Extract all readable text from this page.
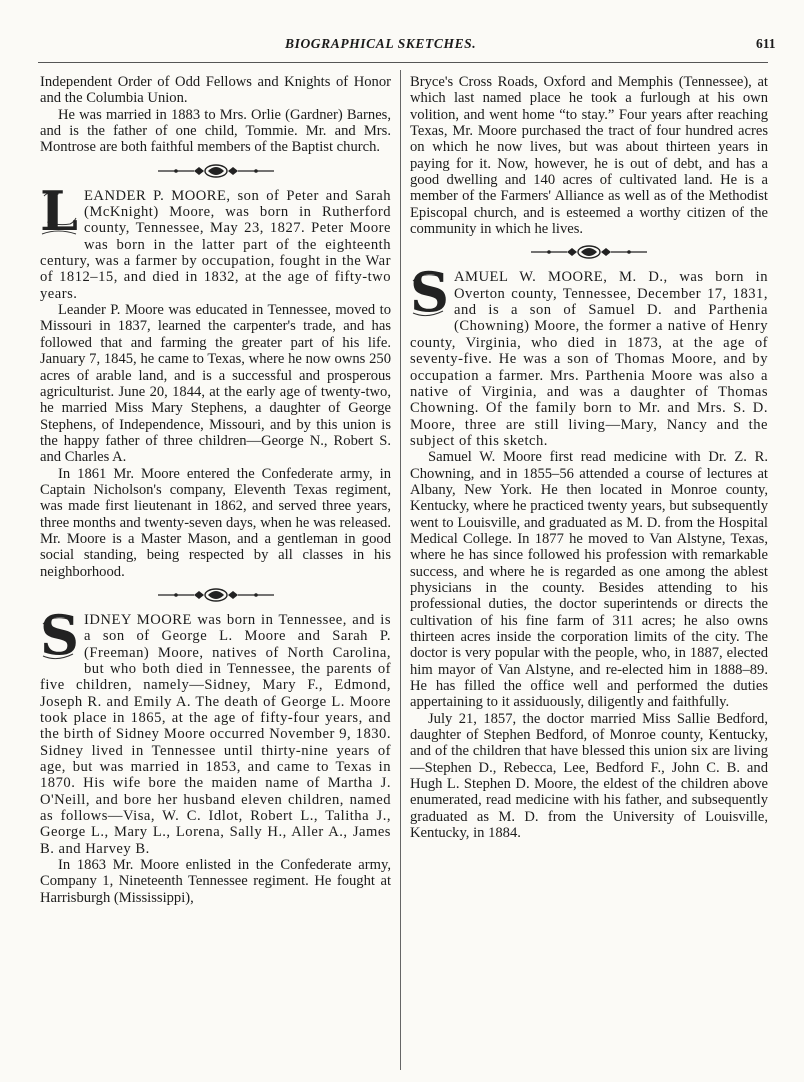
BIOGRAPHICAL SKETCHES.	611

Independent Order of Odd Fellows and Knights of Honor and the Columbia Union.

He was married in 1883 to Mrs. Orlie (Gardner) Barnes, and is the father of one child, Tommie. Mr. and Mrs. Montrose are both faithful members of the Baptist church.

L EANDER P. MOORE, son of Peter and Sarah (McKnight) Moore, was born in Rutherford county, Tennessee, May 23, 1827. Peter Moore was born in the latter part of the eighteenth century, was a farmer by occupation, fought in the War of 1812–15, and died in 1832, at the age of fifty-two years.

Leander P. Moore was educated in Tennessee, moved to Missouri in 1837, learned the carpenter's trade, and has followed that and farming the greater part of his life. January 7, 1845, he came to Texas, where he now owns 250 acres of arable land, and is a successful and prosperous agriculturist. June 20, 1844, at the early age of twenty-two, he married Miss Mary Stephens, a daughter of George Stephens, of Independence, Missouri, and by this union is the happy father of three children—George N., Robert S. and Charles A.

In 1861 Mr. Moore entered the Confederate army, in Captain Nicholson's company, Eleventh Texas regiment, was made first lieutenant in 1862, and served three years, three months and twenty-seven days, when he was released. Mr. Moore is a Master Mason, and a gentleman in good social standing, being respected by all classes in his neighborhood.

S IDNEY MOORE was born in Tennessee, and is a son of George L. Moore and Sarah P. (Freeman) Moore, natives of North Carolina, but who both died in Tennessee, the parents of five children, namely—Sidney, Mary F., Edmond, Joseph R. and Emily A. The death of George L. Moore took place in 1865, at the age of fifty-four years, and the birth of Sidney Moore occurred November 9, 1830. Sidney lived in Tennessee until thirty-nine years of age, but was married in 1853, and came to Texas in 1870. His wife bore the maiden name of Martha J. O'Neill, and bore her husband eleven children, named as follows—Visa, W. C. Idlot, Robert L., Talitha J., George L., Mary L., Lorena, Sally H., Aller A., James B. and Harvey B.

In 1863 Mr. Moore enlisted in the Confederate army, Company 1, Nineteenth Tennessee regiment. He fought at Harrisburgh (Mississippi),

Bryce's Cross Roads, Oxford and Memphis (Tennessee), at which last named place he took a furlough at his own volition, and went home “to stay.” Four years after reaching Texas, Mr. Moore purchased the tract of four hundred acres on which he now lives, but was about thirteen years in paying for it. Now, however, he is out of debt, and has a good dwelling and 140 acres of cultivated land. He is a member of the Farmers' Alliance as well as of the Methodist Episcopal church, and is esteemed a worthy citizen of the community in which he lives.

S AMUEL W. MOORE, M. D., was born in Overton county, Tennessee, December 17, 1831, and is a son of Samuel D. and Parthenia (Chowning) Moore, the former a native of Henry county, Virginia, who died in 1873, at the age of seventy-five. He was a son of Thomas Moore, and by occupation a farmer. Mrs. Parthenia Moore was also a native of Virginia, and was a daughter of Thomas Chowning. Of the family born to Mr. and Mrs. S. D. Moore, three are still living—Mary, Nancy and the subject of this sketch.

Samuel W. Moore first read medicine with Dr. Z. R. Chowning, and in 1855–56 attended a course of lectures at Albany, New York. He then located in Monroe county, Kentucky, where he practiced twenty years, but subsequently went to Louisville, and graduated as M. D. from the Hospital Medical College. In 1877 he moved to Van Alstyne, Texas, where he has since followed his profession with remarkable success, and where he is regarded as one among the ablest physicians in the county. Besides attending to his professional duties, the doctor superintends or directs the cultivation of his fine farm of 311 acres; he also owns thirteen acres inside the corporation limits of the city. The doctor is very popular with the people, who, in 1887, elected him mayor of Van Alstyne, and re-elected him in 1888–89. He has filled the office well and performed the duties appertaining to it assiduously, diligently and faithfully.

July 21, 1857, the doctor married Miss Sallie Bedford, daughter of Stephen Bedford, of Monroe county, Kentucky, and of the children that have blessed this union six are living—Stephen D., Rebecca, Lee, Bedford F., John C. B. and Hugh L. Stephen D. Moore, the eldest of the children above enumerated, read medicine with his father, and subsequently graduated as M. D. from the University of Louisville, Kentucky, in 1884.
